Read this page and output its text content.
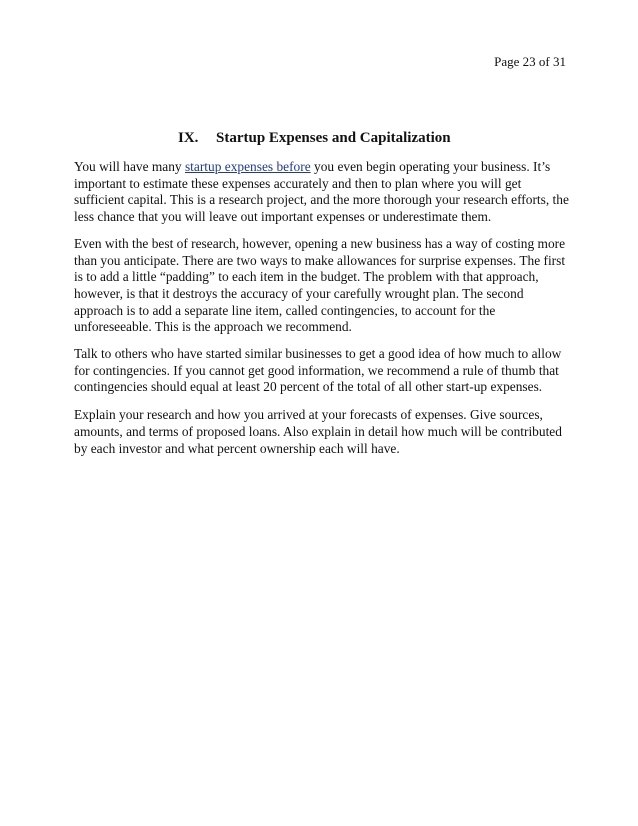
Page 23 of 31
IX. Startup Expenses and Capitalization

You will have many startup expenses before you even begin operating your business. It’s important to estimate these expenses accurately and then to plan where you will get sufficient capital. This is a research project, and the more thorough your research efforts, the less chance that you will leave out important expenses or underestimate them.

Even with the best of research, however, opening a new business has a way of costing more than you anticipate. There are two ways to make allowances for surprise expenses. The first is to add a little “padding” to each item in the budget. The problem with that approach, however, is that it destroys the accuracy of your carefully wrought plan. The second approach is to add a separate line item, called contingencies, to account for the unforeseeable. This is the approach we recommend.

Talk to others who have started similar businesses to get a good idea of how much to allow for contingencies. If you cannot get good information, we recommend a rule of thumb that contingencies should equal at least 20 percent of the total of all other start-up expenses.

Explain your research and how you arrived at your forecasts of expenses. Give sources, amounts, and terms of proposed loans. Also explain in detail how much will be contributed by each investor and what percent ownership each will have.
